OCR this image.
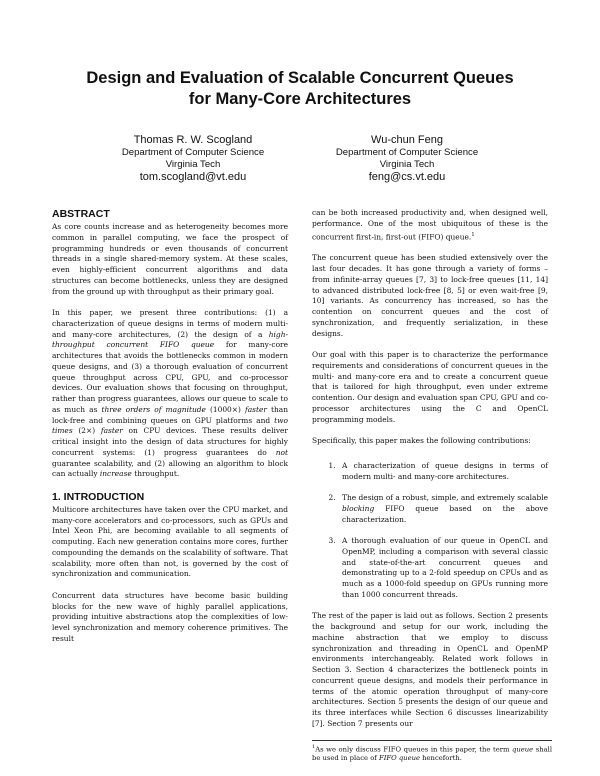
Design and Evaluation of Scalable Concurrent Queues
for Many-Core Architectures
Thomas R. W. Scogland
Department of Computer Science
Virginia Tech
tom.scogland@vt.edu
Wu-chun Feng
Department of Computer Science
Virginia Tech
feng@cs.vt.edu
ABSTRACT

As core counts increase and as heterogeneity becomes more common in parallel computing, we face the prospect of programming hundreds or even thousands of concurrent threads in a single shared-memory system. At these scales, even highly-efficient concurrent algorithms and data structures can become bottlenecks, unless they are designed from the ground up with throughput as their primary goal.

In this paper, we present three contributions: (1) a characterization of queue designs in terms of modern multi- and many-core architectures, (2) the design of a high-throughput concurrent FIFO queue for many-core architectures that avoids the bottlenecks common in modern queue designs, and (3) a thorough evaluation of concurrent queue throughput across CPU, GPU, and co-processor devices. Our evaluation shows that focusing on throughput, rather than progress guarantees, allows our queue to scale to as much as three orders of magnitude (1000×) faster than lock-free and combining queues on GPU platforms and two times (2×) faster on CPU devices. These results deliver critical insight into the design of data structures for highly concurrent systems: (1) progress guarantees do not guarantee scalability, and (2) allowing an algorithm to block can actually increase throughput.

1. INTRODUCTION

Multicore architectures have taken over the CPU market, and many-core accelerators and co-processors, such as GPUs and Intel Xeon Phi, are becoming available to all segments of computing. Each new generation contains more cores, further compounding the demands on the scalability of software. That scalability, more often than not, is governed by the cost of synchronization and communication.

Concurrent data structures have become basic building blocks for the new wave of highly parallel applications, providing intuitive abstractions atop the complexities of low-level synchronization and memory coherence primitives. The result

can be both increased productivity and, when designed well, performance. One of the most ubiquitous of these is the concurrent first-in, first-out (FIFO) queue.$^1$

The concurrent queue has been studied extensively over the last four decades. It has gone through a variety of forms – from infinite-array queues [7, 3] to lock-free queues [11, 14] to advanced distributed lock-free [8, 5] or even wait-free [9, 10] variants. As concurrency has increased, so has the contention on concurrent queues and the cost of synchronization, and frequently serialization, in these designs.

Our goal with this paper is to characterize the performance requirements and considerations of concurrent queues in the multi- and many-core era and to create a concurrent queue that is tailored for high throughput, even under extreme contention. Our design and evaluation span CPU, GPU and co-processor architectures using the C and OpenCL programming models.

Specifically, this paper makes the following contributions:

1. A characterization of queue designs in terms of modern multi- and many-core architectures.
2. The design of a robust, simple, and extremely scalable blocking FIFO queue based on the above characterization.
3. A thorough evaluation of our queue in OpenCL and OpenMP, including a comparison with several classic and state-of-the-art concurrent queues and demonstrating up to a 2-fold speedup on CPUs and as much as a 1000-fold speedup on GPUs running more than 1000 concurrent threads.

The rest of the paper is laid out as follows. Section 2 presents the background and setup for our work, including the machine abstraction that we employ to discuss synchronization and threading in OpenCL and OpenMP environments interchangeably. Related work follows in Section 3. Section 4 characterizes the bottleneck points in concurrent queue designs, and models their performance in terms of the atomic operation throughput of many-core architectures. Section 5 presents the design of our queue and its three interfaces while Section 6 discusses linearizability [7]. Section 7 presents our

$^1$As we only discuss FIFO queues in this paper, the term queue shall be used in place of FIFO queue henceforth.
